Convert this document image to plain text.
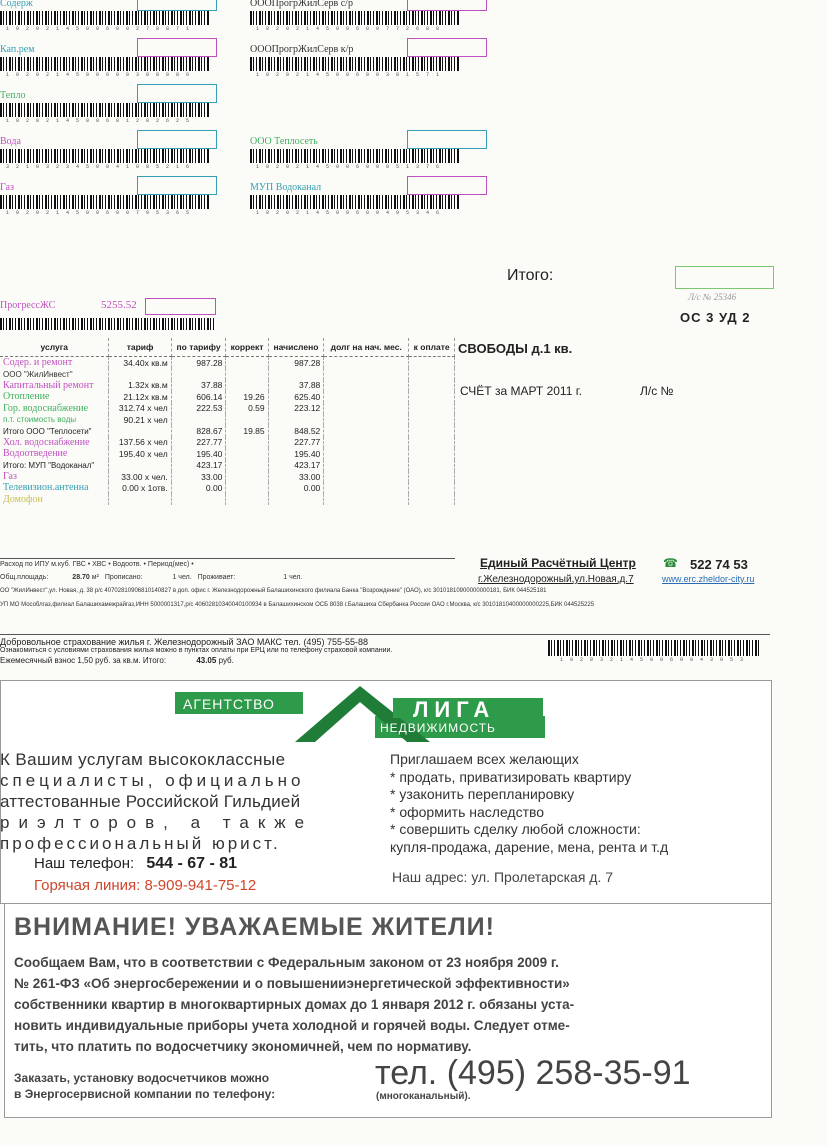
Содерж
1 0 2 0 2 1 4 5 0 0 6 0 0 2 7 8 8 7 1
Кап.рем
1 0 2 0 2 1 4 5 0 0 6 0 0 3 8 8 0 8 6
Тепло
1 0 2 0 2 1 4 5 0 0 6 0 1 2 8 2 6 2 5
Вода
3 2 1 0 3 2 3 4 5 0 0 4 1 0 8 5 2 1 6
Газ
1 0 2 0 2 1 4 5 0 0 6 0 0 7 9 5 3 6 5
ОООПрогрЖилСерв с/р
1 0 2 0 2 1 4 5 0 0 6 0 0 7 7 2 6 8 8
ОООПрогрЖилСерв к/р
1 0 2 0 2 1 4 5 0 0 6 0 0 3 8 1 5 7 1
ООО Теплосеть
1 0 2 0 2 1 4 5 0 0 6 0 0 8 5 1 3 7 6
МУП Водоканал
1 0 2 0 2 1 4 5 0 0 6 0 0 4 9 5 3 4 6
Итого:
Л/с № 25346
ОС 3 УД 2
ПрогрессЖС	5255.52
СВОБОДЫ д.1 кв.
СЧЁТ за МАРТ 2011 г.	Л/с №
услуга	тариф	по тарифу	коррект	начислено	долг на нач. мес.	к оплате
Содер. и ремонт	34.40х кв.м	987.28		987.28		
ООО "ЖилИнвест"						
Капитальный ремонт	1.32х кв.м	37.88		37.88		
Отопление	21.12х кв.м	606.14	19.26	625.40		
Гор. водоснабжение	312.74 х чел	222.53	0.59	223.12		
п.т. стоимость воды	90.21 х чел					
Итого ООО "Теплосети"		828.67	19.85	848.52		
Хол. водоснабжение	137.56 х чел	227.77		227.77		
Водоотведение	195.40 х чел	195.40		195.40		
Итого: МУП "Водоканал"		423.17		423.17		
Газ	33.00 х чел.	33.00		33.00		
Телевизион.антенна	0.00 х 1отв.	0.00		0.00		
Домофон						
Расход по ИПУ м.куб. ГВС • ХВС • Водоотв. • Период(мес) •
Общ.площадь:	28.70 м² Прописано:	1 чел. Проживает:	1 чел.
Единый Расчётный Центр ☎ 522 74 53
г.Железнодорожный,ул.Новая,д.7	www.erc.zheldor-city.ru
ОО "ЖилИнвест",ул. Новая, д. 38 р/с 40702810906810140827 в доп. офис г. Железнодорожный Балашихинского филиала Банка "Возрождение" (ОАО), к/с 30101810900000000181, БИК 044525181
УП МО Мособлгаз,филиал Балашихамежрайгаз,ИНН 5000001317,р/с 40602810340040100934 в Балашихинском ОСБ 8038 г.Балашиха Сбербанка России ОАО г.Москва, к/с 30101810400000000225,БИК 044525225
Добровольное страхование жилья г. Железнодорожный ЗАО МАКС тел. (495) 755-55-88
Ознакомиться с условиями страхования жилья можно в пунктах оплаты при ЕРЦ или по телефону страховой компании.
Ежемесячный взнос 1,50 руб. за кв.м. Итого:	43.05 руб.	1 0 2 0 3 2 1 4 5 0 0 6 0 0 4 3 0 5 3
АГЕНТСТВО	ЛИГА
НЕДВИЖИМОСТЬ
К Вашим услугам высококлассные
специалисты, официально
аттестованные Российской Гильдией
риэлторов, а также
профессиональный юрист.
Наш телефон: 544 - 67 - 81
Горячая линия: 8-909-941-75-12
Приглашаем всех желающих
* продать, приватизировать квартиру
* узаконить перепланировку
* оформить наследство
* совершить сделку любой сложности:
купля-продажа, дарение, мена, рента и т.д
Наш адрес: ул. Пролетарская д. 7
ВНИМАНИЕ! УВАЖАЕМЫЕ ЖИТЕЛИ!
Сообщаем Вам, что в соответствии с Федеральным законом от 23 ноября 2009 г.
№ 261-ФЗ «Об энергосбережении и о повышенииэнергетической эффективности»
собственники квартир в многоквартирных домах до 1 января 2012 г. обязаны уста-
новить индивидуальные приборы учета холодной и горячей воды. Следует отме-
тить, что платить по водосчетчику экономичней, чем по нормативу.
Заказать, установку водосчетчиков можно
в Энергосервисной компании по телефону:
тел. (495) 258-35-91
(многоканальный).
